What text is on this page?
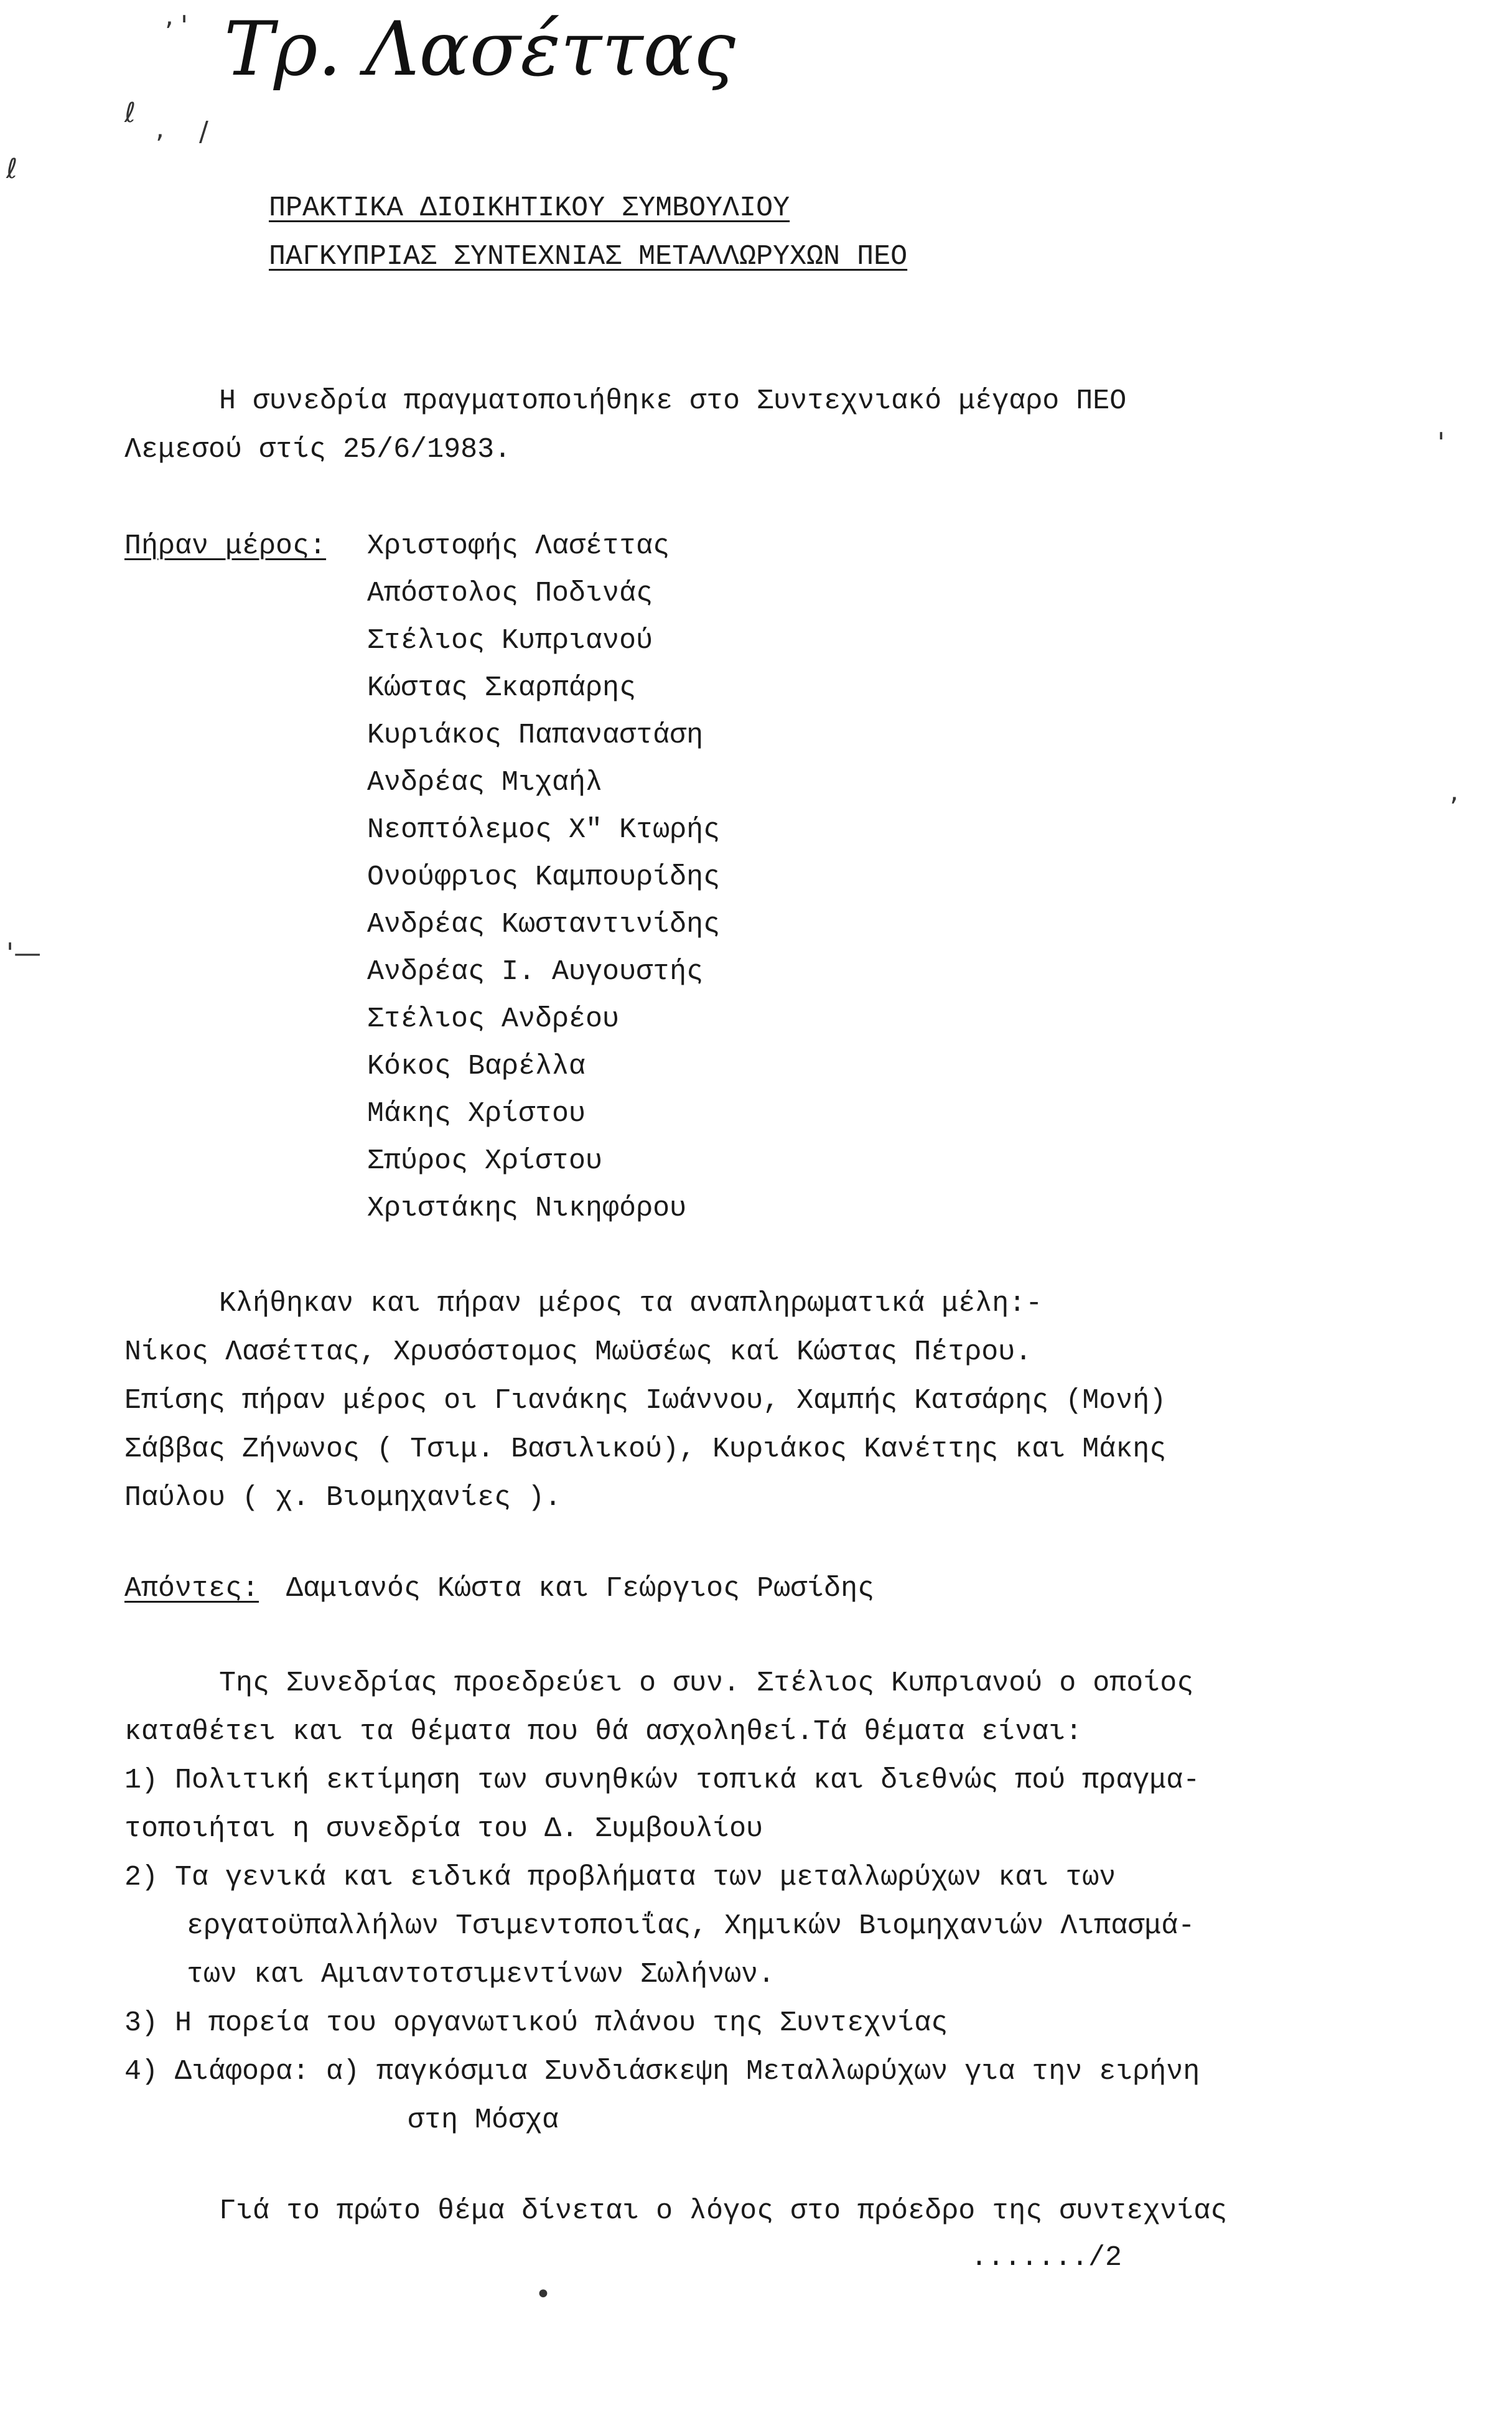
Τρ. Λασέττας
, '
ℓ , /
ℓ
'
,
'—
•
ΠΡΑΚΤΙΚΑ ΔΙΟΙΚΗΤΙΚΟΥ ΣΥΜΒΟΥΛΙΟΥ
ΠΑΓΚΥΠΡΙΑΣ ΣΥΝΤΕΧΝΙΑΣ ΜΕΤΑΛΛΩΡΥΧΩΝ ΠΕΟ
Η συνεδρία πραγματοποιήθηκε στο Συντεχνιακό μέγαρο ΠΕΟ
Λεμεσού στίς 25/6/1983.
Πήραν μέρος: Χριστοφής Λασέττας
Απόστολος Ποδινάς
Στέλιος Κυπριανού
Κώστας Σκαρπάρης
Κυριάκος Παπαναστάση
Ανδρέας Μιχαήλ
Νεοπτόλεμος Χ" Κτωρής
Ονούφριος Καμπουρίδης
Ανδρέας Κωσταντινίδης
Ανδρέας Ι. Αυγουστής
Στέλιος Ανδρέου
Κόκος Βαρέλλα
Μάκης Χρίστου
Σπύρος Χρίστου
Χριστάκης Νικηφόρου
Κλήθηκαν και πήραν μέρος τα αναπληρωματικά μέλη:-
Νίκος Λασέττας, Χρυσόστομος Μωϋσέως καί Κώστας Πέτρου.
Επίσης πήραν μέρος οι Γιανάκης Ιωάννου, Χαμπής Κατσάρης (Μονή)
Σάββας Ζήνωνος ( Τσιμ. Βασιλικού), Κυριάκος Κανέττης και Μάκης
Παύλου ( χ. Βιομηχανίες ).
Απόντες: Δαμιανός Κώστα και Γεώργιος Ρωσίδης
Της Συνεδρίας προεδρεύει ο συν. Στέλιος Κυπριανού ο οποίος
καταθέτει και τα θέματα που θά ασχοληθεί.Τά θέματα είναι:
1) Πολιτική εκτίμηση των συνηθκών τοπικά και διεθνώς πού πραγμα-
τοποιήται η συνεδρία του Δ. Συμβουλίου
2) Τα γενικά και ειδικά προβλήματα των μεταλλωρύχων και των
εργατοϋπαλλήλων Τσιμεντοποιΐας, Χημικών Βιομηχανιών Λιπασμά-
των και Αμιαντοτσιμεντίνων Σωλήνων.
3) Η πορεία του οργανωτικού πλάνου της Συντεχνίας
4) Διάφορα: α) παγκόσμια Συνδιάσκεψη Μεταλλωρύχων για την ειρήνη
στη Μόσχα
Γιά το πρώτο θέμα δίνεται ο λόγος στο πρόεδρο της συντεχνίας
......./2
